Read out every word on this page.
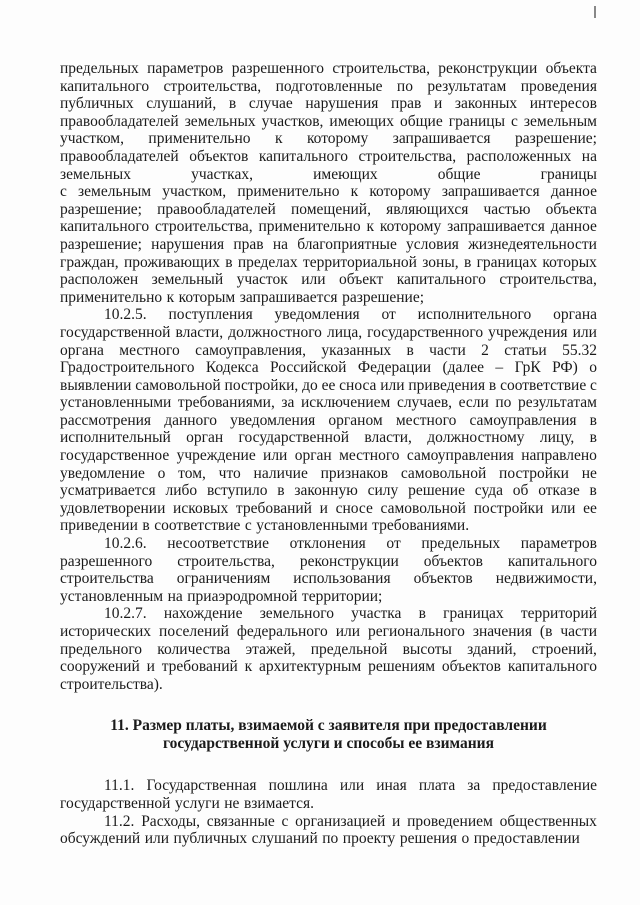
предельных параметров разрешенного строительства, реконструкции объекта
капитального строительства, подготовленные по результатам проведения
публичных слушаний, в случае нарушения прав и законных интересов
правообладателей земельных участков, имеющих общие границы с земельным
участком, применительно к которому запрашивается разрешение;
правообладателей объектов капитального строительства, расположенных на
земельных	участках,	имеющих	общие	границы
с земельным участком, применительно к которому запрашивается данное
разрешение; правообладателей помещений, являющихся частью объекта
капитального строительства, применительно к которому запрашивается данное
разрешение; нарушения прав на благоприятные условия жизнедеятельности
граждан, проживающих в пределах территориальной зоны, в границах которых
расположен земельный участок или объект капитального строительства,
применительно к которым запрашивается разрешение;
10.2.5. поступления уведомления от исполнительного органа
государственной власти, должностного лица, государственного учреждения или
органа местного самоуправления, указанных в части 2 статьи 55.32
Градостроительного Кодекса Российской Федерации (далее – ГрК РФ) о
выявлении самовольной постройки, до ее сноса или приведения в соответствие с
установленными требованиями, за исключением случаев, если по результатам
рассмотрения данного уведомления органом местного самоуправления в
исполнительный орган государственной власти, должностному лицу, в
государственное учреждение или орган местного самоуправления направлено
уведомление о том, что наличие признаков самовольной постройки не
усматривается либо вступило в законную силу решение суда об отказе в
удовлетворении исковых требований и сносе самовольной постройки или ее
приведении в соответствие с установленными требованиями.
10.2.6. несоответствие отклонения от предельных параметров
разрешенного строительства, реконструкции объектов капитального
строительства ограничениям использования объектов недвижимости,
установленным на приаэродромной территории;
10.2.7. нахождение земельного участка в границах территорий
исторических поселений федерального или регионального значения (в части
предельного количества этажей, предельной высоты зданий, строений,
сооружений и требований к архитектурным решениям объектов капитального
строительства).
11. Размер платы, взимаемой с заявителя при предоставлении
государственной услуги и способы ее взимания
11.1. Государственная пошлина или иная плата за предоставление
государственной услуги не взимается.
11.2. Расходы, связанные с организацией и проведением общественных
обсуждений или публичных слушаний по проекту решения о предоставлении
